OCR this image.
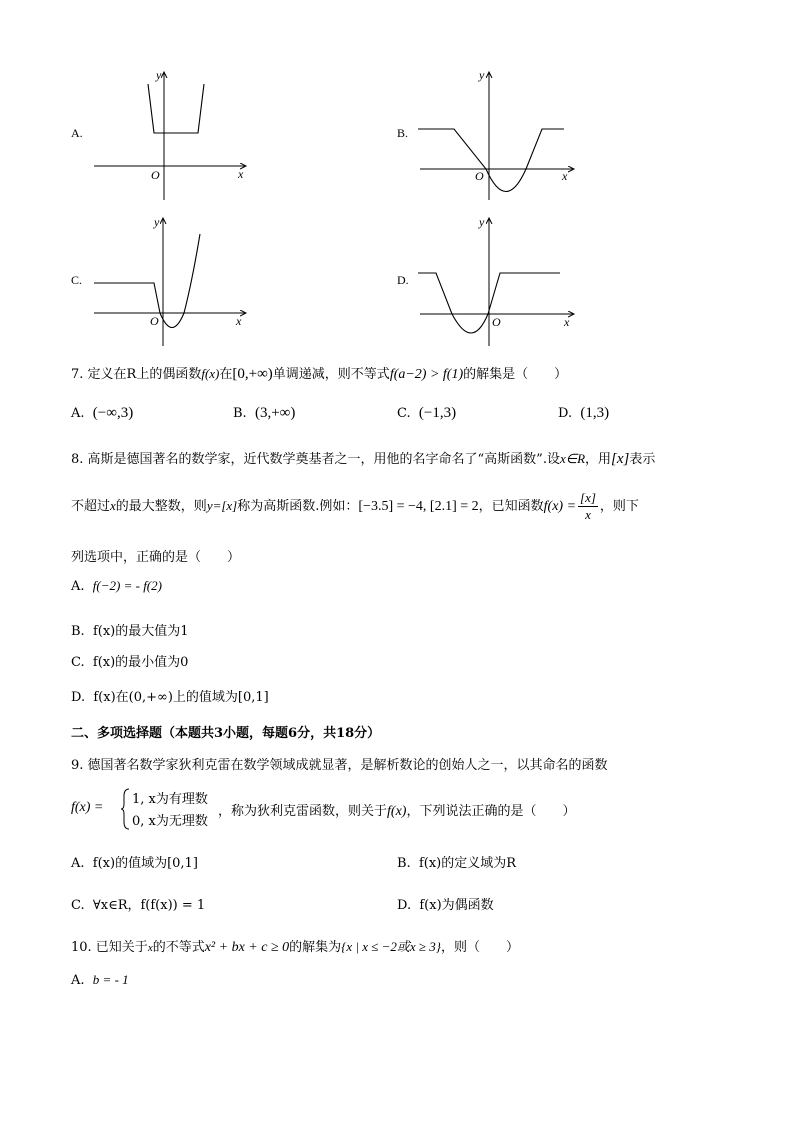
A.
y
x
O
B.
y
x
O
C.
y
x
O
D.
y
x
O
7. 定义在R上的偶函数f(x)在[0,+∞)单调递减，则不等式f(a−2) > f(1)的解集是（　　）
A. (−∞,3)	B. (3,+∞)	C. (−1,3)	D. (1,3)
8. 高斯是德国著名的数学家，近代数学奠基者之一，用他的名字命名了“高斯函数”.设x∈R，用[x]表示
不超过x的最大整数，则y=[x]称为高斯函数.例如：[−3.5] = −4, [2.1] = 2，已知函数$f(x) = \frac{[x]}{x}$ ，则下
列选项中，正确的是（　　）
A. f(−2) = - f(2)
B. f(x)的最大值为1
C. f(x)的最小值为0
D. f(x)在(0,+∞)上的值域为[0,1]
二、多项选择题（本题共3小题，每题6分，共18分）
9. 德国著名数学家狄利克雷在数学领域成就显著，是解析数论的创始人之一，以其命名的函数
f(x) =
1, x为有理数
0, x为无理数
，称为狄利克雷函数，则关于f(x)，下列说法正确的是（　　）
A. f(x)的值域为[0,1]	B. f(x)的定义域为R
C. ∀x∈R，f(f(x)) = 1	D. f(x)为偶函数
10. 已知关于x的不等式x² + bx + c ≥ 0的解集为{x | x ≤ −2或x ≥ 3}，则（　　）
A. b = - 1
